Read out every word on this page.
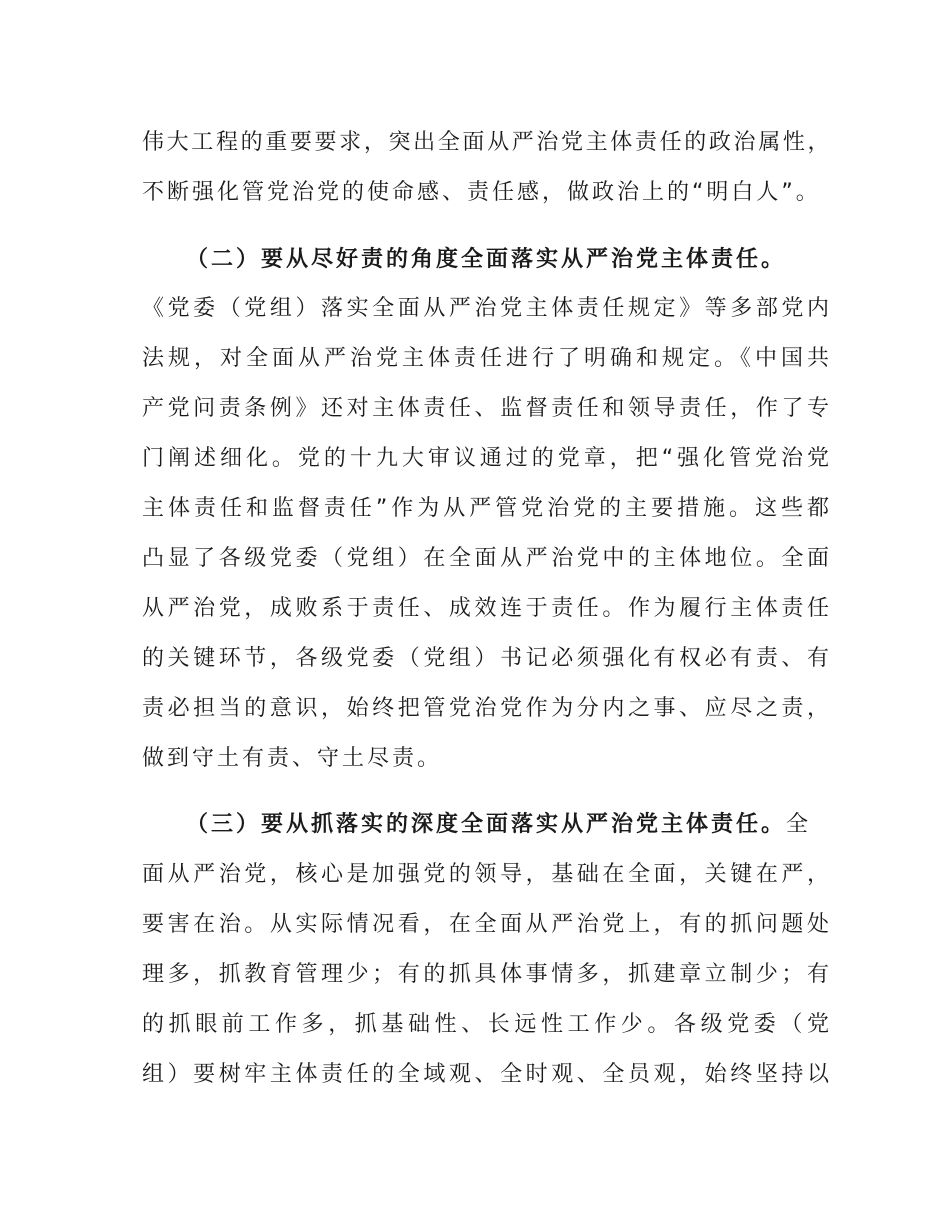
伟大工程的重要要求，突出全面从严治党主体责任的政治属性，
不断强化管党治党的使命感、责任感，做政治上的“明白人”。
（二）要从尽好责的角度全面落实从严治党主体责任。
《党委（党组）落实全面从严治党主体责任规定》等多部党内
法规，对全面从严治党主体责任进行了明确和规定。《中国共
产党问责条例》还对主体责任、监督责任和领导责任，作了专
门阐述细化。党的十九大审议通过的党章，把“强化管党治党
主体责任和监督责任”作为从严管党治党的主要措施。这些都
凸显了各级党委（党组）在全面从严治党中的主体地位。全面
从严治党，成败系于责任、成效连于责任。作为履行主体责任
的关键环节，各级党委（党组）书记必须强化有权必有责、有
责必担当的意识，始终把管党治党作为分内之事、应尽之责，
做到守土有责、守土尽责。
（三）要从抓落实的深度全面落实从严治党主体责任。全
面从严治党，核心是加强党的领导，基础在全面，关键在严，
要害在治。从实际情况看，在全面从严治党上，有的抓问题处
理多，抓教育管理少；有的抓具体事情多，抓建章立制少；有
的抓眼前工作多，抓基础性、长远性工作少。各级党委（党
组）要树牢主体责任的全域观、全时观、全员观，始终坚持以
